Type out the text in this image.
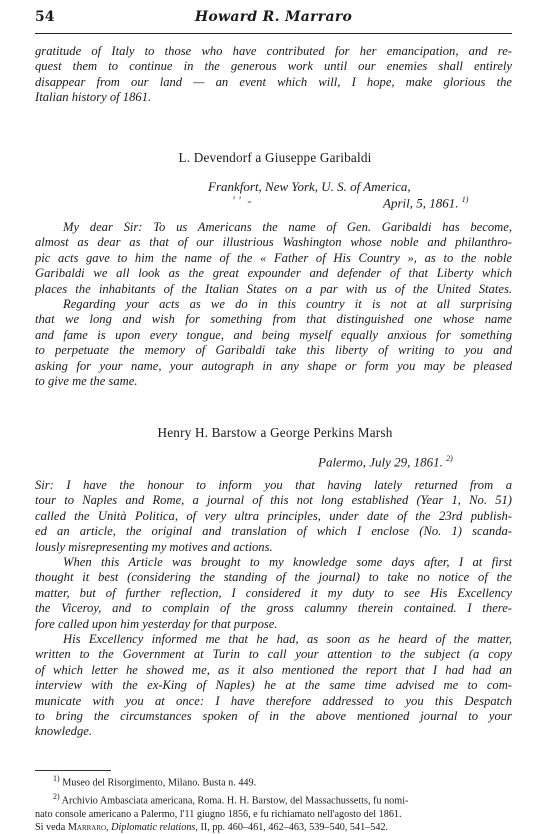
54	Howard R. Marraro
gratitude of Italy to those who have contributed for her emancipation, and re-
quest them to continue in the generous work until our enemies shall entirely
disappear from our land — an event which will, I hope, make glorious the
Italian history of 1861.
L. Devendorf a Giuseppe Garibaldi
Frankfort, New York, U. S. of America,
' '  -	April, 5, 1861. $^{1)}$
My dear Sir: To us Americans the name of Gen. Garibaldi has become,
almost as dear as that of our illustrious Washington whose noble and philanthro-
pic acts gave to him the name of the « Father of His Country », as to the noble
Garibaldi we all look as the great expounder and defender of that Liberty which
places the inhabitants of the Italian States on a par with us of the United States.
Regarding your acts as we do in this country it is not at all surprising
that we long and wish for something from that distinguished one whose name
and fame is upon every tongue, and being myself equally anxious for something
to perpetuate the memory of Garibaldi take this liberty of writing to you and
asking for your name, your autograph in any shape or form you may be pleased
to give me the same.
Henry H. Barstow a George Perkins Marsh
Palermo, July 29, 1861. $^{2)}$
Sir: I have the honour to inform you that having lately returned from a
tour to Naples and Rome, a journal of this not long established (Year 1, No. 51)
called the Unità Politica, of very ultra principles, under date of the 23rd publish-
ed an article, the original and translation of which I enclose (No. 1) scanda-
lously misrepresenting my motives and actions.
When this Article was brought to my knowledge some days after, I at first
thought it best (considering the standing of the journal) to take no notice of the
matter, but of further reflection, I considered it my duty to see His Excellency
the Viceroy, and to complain of the gross calumny therein contained. I there-
fore called upon him yesterday for that purpose.
His Excellency informed me that he had, as soon as he heard of the matter,
written to the Government at Turin to call your attention to the subject (a copy
of which letter he showed me, as it also mentioned the report that I had had an
interview with the ex-King of Naples) he at the same time advised me to com-
municate with you at once: I have therefore addressed to you this Despatch
to bring the circumstances spoken of in the above mentioned journal to your
knowledge.

$^{1)}$ Museo del Risorgimento, Milano. Busta n. 449.

$^{2)}$ Archivio Ambasciata americana, Roma. H. H. Barstow, del Massachussetts, fu nomi-

nato console americano a Palermo, l'11 giugno 1856, e fu richiamato nell'agosto del 1861.

Si veda Marraro, Diplomatic relations, II, pp. 460–461, 462–463, 539–540, 541–542.
